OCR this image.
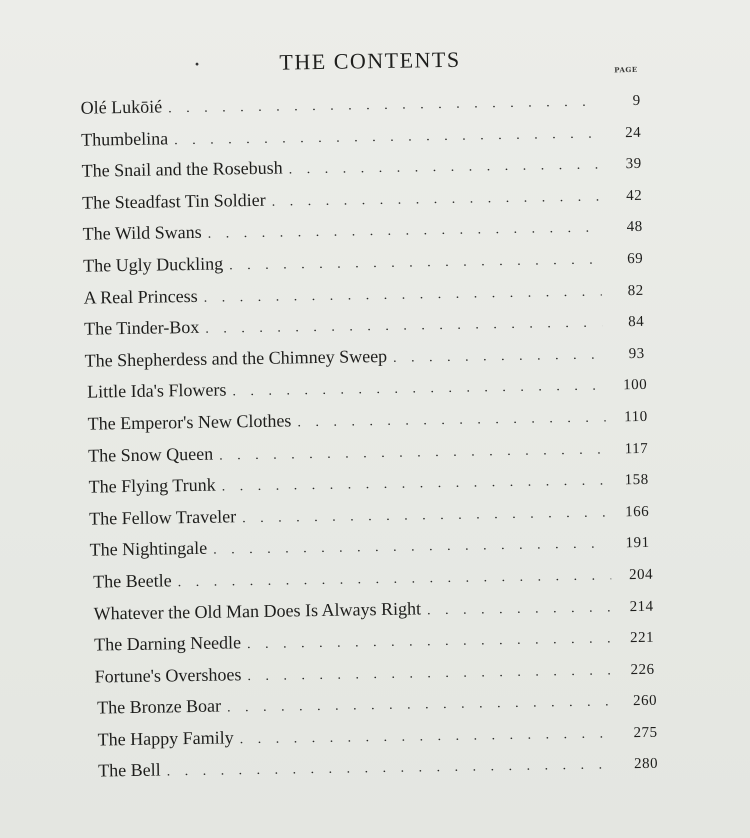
•	THE CONTENTS	PAGE
Olé Lukōié . . .	9
Thumbelina . . .	24
The Snail and the Rosebush . . .	39
The Steadfast Tin Soldier . . .	42
The Wild Swans . . .	48
The Ugly Duckling . . .	69
A Real Princess . . .	82
The Tinder-Box . . .	84
The Shepherdess and the Chimney Sweep . . .	93
Little Ida's Flowers . . .	100
The Emperor's New Clothes . . .	110
The Snow Queen . . .	117
The Flying Trunk . . .	158
The Fellow Traveler . . .	166
The Nightingale . . .	191
The Beetle . . .	204
Whatever the Old Man Does Is Always Right . . .	214
The Darning Needle . . .	221
Fortune's Overshoes . . .	226
The Bronze Boar . . .	260
The Happy Family . . .	275
The Bell . . .	280
